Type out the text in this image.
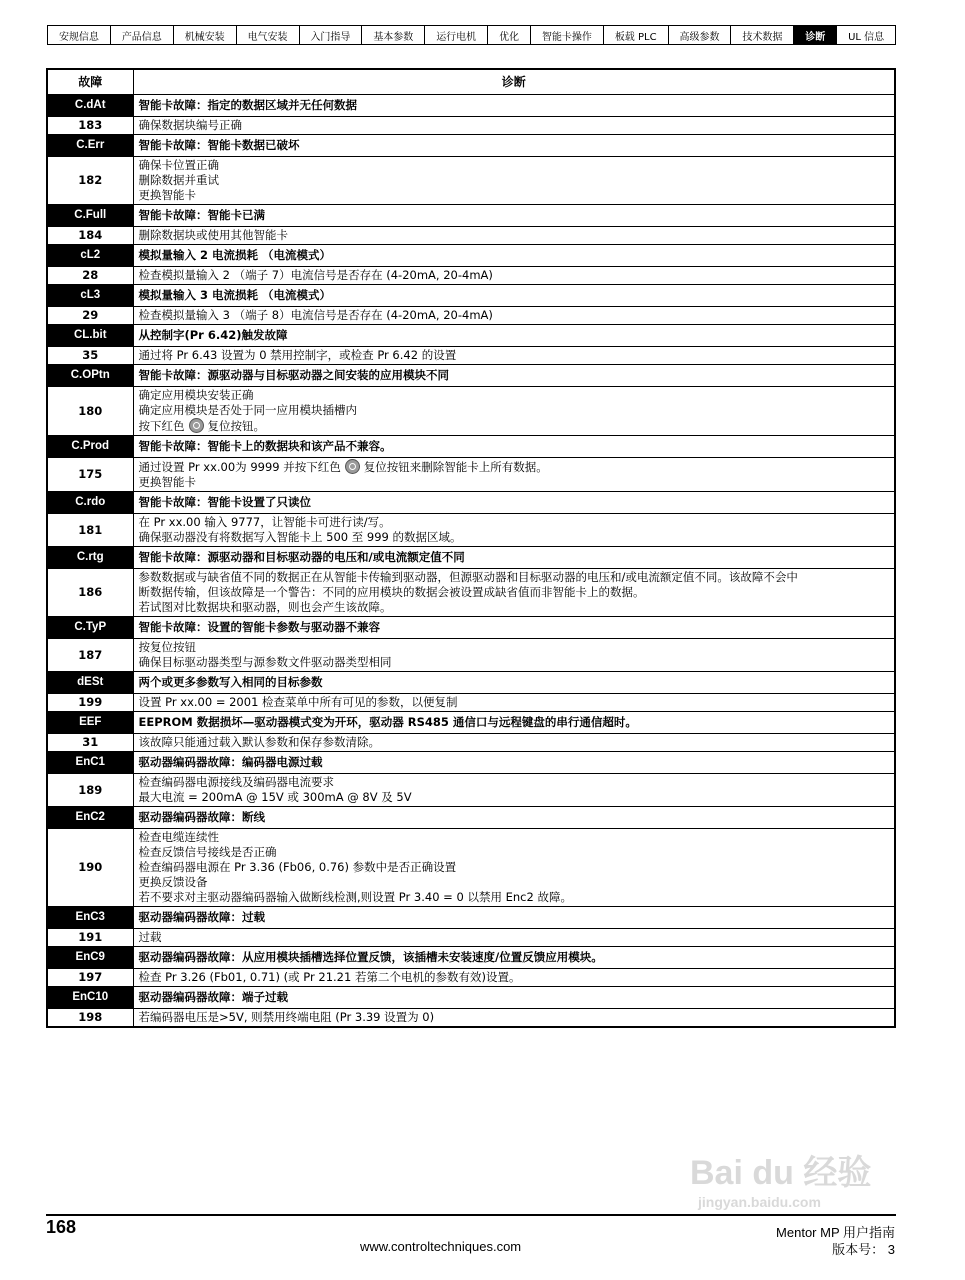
安规信息	产品信息	机械安装	电气安装	入门指导	基本参数	运行电机	优化	智能卡操作	板载 PLC	高级参数	技术数据	诊断	UL 信息
故障	诊断
C.dAt	智能卡故障：指定的数据区域并无任何数据
183	确保数据块编号正确

C.Err	智能卡故障：智能卡数据已破坏
182	确保卡位置正确
删除数据并重试
更换智能卡

C.Full	智能卡故障：智能卡已满
184	删除数据块或使用其他智能卡

cL2	模拟量输入 2 电流损耗 （电流模式）
28	检查模拟量输入 2 （端子 7）电流信号是否存在 (4-20mA, 20-4mA)

cL3	模拟量输入 3 电流损耗 （电流模式）
29	检查模拟量输入 3 （端子 8）电流信号是否存在 (4-20mA, 20-4mA)

CL.bit	从控制字(Pr 6.42)触发故障
35	通过将 Pr 6.43 设置为 0 禁用控制字，或检查 Pr 6.42 的设置

C.OPtn	智能卡故障：源驱动器与目标驱动器之间安装的应用模块不同
180	确定应用模块安装正确
确定应用模块是否处于同一应用模块插槽内
按下红色 复位按钮。

C.Prod	智能卡故障：智能卡上的数据块和该产品不兼容。
175	通过设置 Pr xx.00为 9999 并按下红色 复位按钮来删除智能卡上所有数据。
更换智能卡

C.rdo	智能卡故障：智能卡设置了只读位
181	在 Pr xx.00 输入 9777，让智能卡可进行读/写。
确保驱动器没有将数据写入智能卡上 500 至 999 的数据区域。

C.rtg	智能卡故障：源驱动器和目标驱动器的电压和/或电流额定值不同
186	参数数据或与缺省值不同的数据正在从智能卡传输到驱动器，但源驱动器和目标驱动器的电压和/或电流额定值不同。该故障不会中
断数据传输，但该故障是一个警告：不同的应用模块的数据会被设置成缺省值而非智能卡上的数据。
若试图对比数据块和驱动器，则也会产生该故障。

C.TyP	智能卡故障：设置的智能卡参数与驱动器不兼容
187	按复位按钮
确保目标驱动器类型与源参数文件驱动器类型相同

dESt	两个或更多参数写入相同的目标参数
199	设置 Pr xx.00 = 2001 检查菜单中所有可见的参数，以便复制

EEF	EEPROM 数据损坏—驱动器模式变为开环，驱动器 RS485 通信口与远程键盘的串行通信超时。
31	该故障只能通过载入默认参数和保存参数清除。

EnC1	驱动器编码器故障：编码器电源过载
189	检查编码器电源接线及编码器电流要求
最大电流 = 200mA @ 15V 或 300mA @ 8V 及 5V

EnC2	驱动器编码器故障：断线
190	检查电缆连续性
检查反馈信号接线是否正确
检查编码器电源在 Pr 3.36 (Fb06, 0.76) 参数中是否正确设置
更换反馈设备
若不要求对主驱动器编码器输入做断线检测,则设置 Pr 3.40 = 0 以禁用 Enc2 故障。

EnC3	驱动器编码器故障：过载
191	过载

EnC9	驱动器编码器故障：从应用模块插槽选择位置反馈，该插槽未安装速度/位置反馈应用模块。
197	检查 Pr 3.26 (Fb01, 0.71) (或 Pr 21.21 若第二个电机的参数有效)设置。

EnC10	驱动器编码器故障：端子过载
198	若编码器电压是>5V, 则禁用终端电阻 (Pr 3.39 设置为 0)
168
www.controltechniques.com
Mentor MP 用户指南
版本号： 3
Bai du 经验
jingyan.baidu.com
